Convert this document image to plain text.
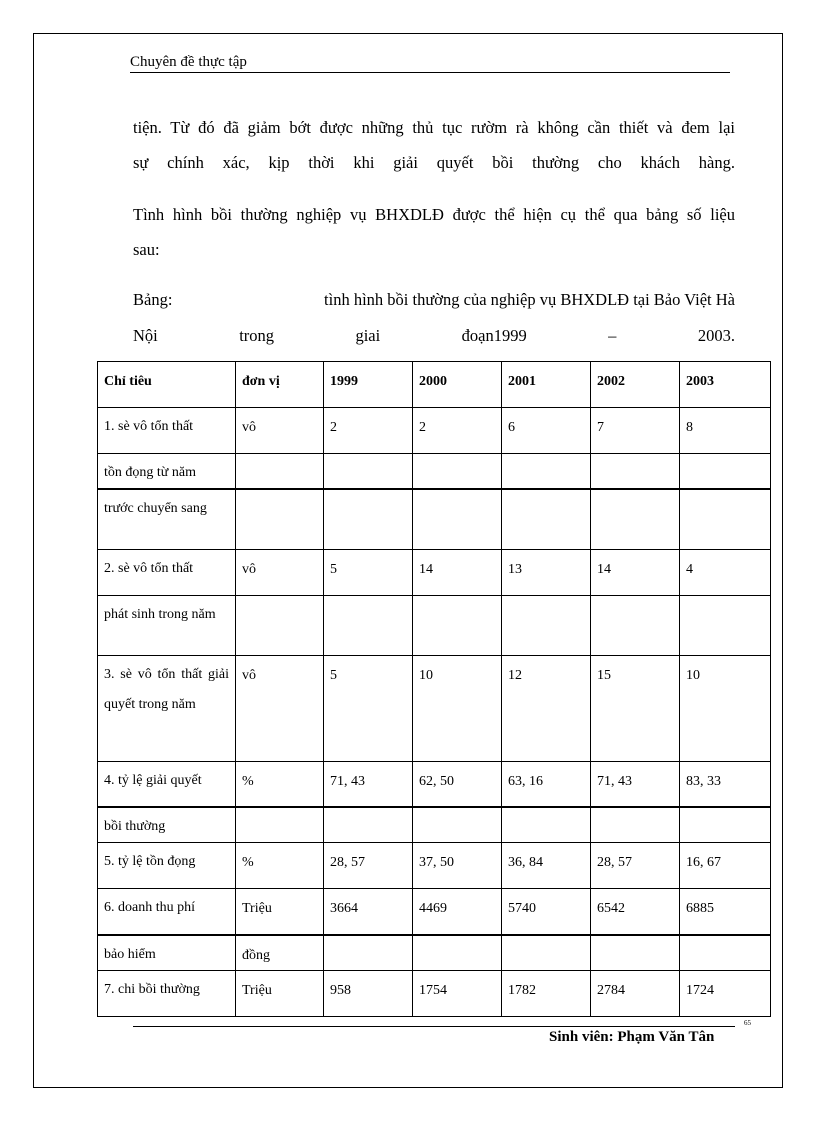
Chuyên đề thực tập
tiện. Từ đó đã giảm bớt được những thủ tục rườm rà không cần thiết và đem lại
sự chính xác, kịp thời khi giải quyết bồi thường cho khách hàng.
Tình hình bồi thường nghiệp vụ BHXDLĐ được thể hiện cụ thể qua bảng số liệu
sau:
Bảng:	tình hình bồi thường của nghiệp vụ BHXDLĐ tại Bảo Việt Hà
Nội	trong	giai	đoạn1999	–	2003.
Chỉ tiêu	đơn vị	1999	2000	2001	2002	2003

1. sè vô tổn thất	vô	2	2	6	7	8

tồn đọng từ năm						

trước chuyển sang						

2. sè vô tổn thất	vô	5	14	13	14	4

phát sinh trong năm						

3. sè vô tổn thất giải quyết trong năm	vô	5	10	12	15	10

4. tỷ lệ giải quyết	%	71, 43	62, 50	63, 16	71, 43	83, 33

bồi thường						

5. tỷ lệ tồn đọng	%	28, 57	37, 50	36, 84	28, 57	16, 67

6. doanh thu phí	Triệu	3664	4469	5740	6542	6885

bảo hiểm	đồng					

7. chi bồi thường	Triệu	958	1754	1782	2784	1724
Sinh viên: Phạm Văn Tân
65
